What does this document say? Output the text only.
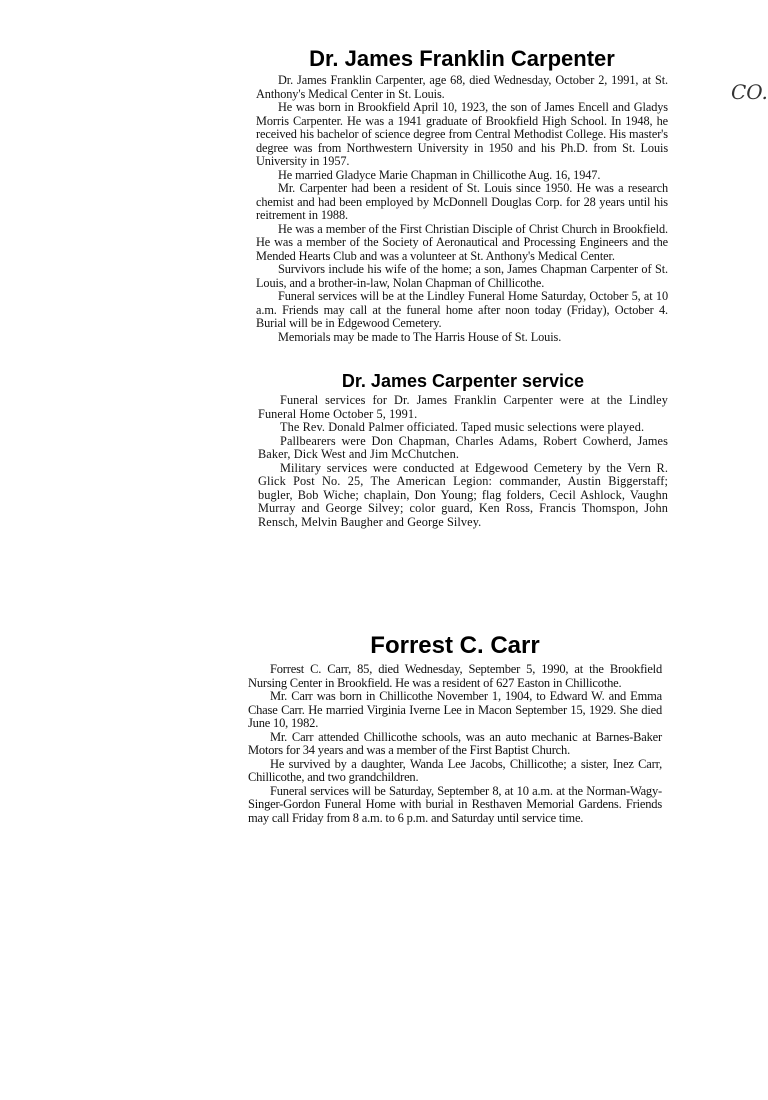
CO.
Dr. James Franklin Carpenter

Dr. James Franklin Carpenter, age 68, died Wednesday, October 2, 1991, at St. Anthony's Medical Center in St. Louis.

He was born in Brookfield April 10, 1923, the son of James Encell and Gladys Morris Carpenter. He was a 1941 graduate of Brookfield High School. In 1948, he received his bachelor of science degree from Central Methodist College. His master's degree was from Northwestern University in 1950 and his Ph.D. from St. Louis University in 1957.

He married Gladyce Marie Chapman in Chillicothe Aug. 16, 1947.

Mr. Carpenter had been a resident of St. Louis since 1950. He was a research chemist and had been employed by McDonnell Douglas Corp. for 28 years until his reitrement in 1988.

He was a member of the First Christian Disciple of Christ Church in Brookfield. He was a member of the Society of Aeronautical and Processing Engineers and the Mended Hearts Club and was a volunteer at St. Anthony's Medical Center.

Survivors include his wife of the home; a son, James Chapman Carpenter of St. Louis, and a brother-in-law, Nolan Chapman of Chillicothe.

Funeral services will be at the Lindley Funeral Home Saturday, October 5, at 10 a.m. Friends may call at the funeral home after noon today (Friday), October 4. Burial will be in Edgewood Cemetery.

Memorials may be made to The Harris House of St. Louis.

Dr. James Carpenter service

Funeral services for Dr. James Franklin Carpenter were at the Lindley Funeral Home October 5, 1991.

The Rev. Donald Palmer officiated. Taped music selections were played.

Pallbearers were Don Chapman, Charles Adams, Robert Cowherd, James Baker, Dick West and Jim McChutchen.

Military services were conducted at Edgewood Cemetery by the Vern R. Glick Post No. 25, The American Legion: commander, Austin Biggerstaff; bugler, Bob Wiche; chaplain, Don Young; flag folders, Cecil Ashlock, Vaughn Murray and George Silvey; color guard, Ken Ross, Francis Thomspon, John Rensch, Melvin Baugher and George Silvey.

Forrest C. Carr

Forrest C. Carr, 85, died Wednesday, September 5, 1990, at the Brookfield Nursing Center in Brookfield. He was a resident of 627 Easton in Chillicothe.

Mr. Carr was born in Chillicothe November 1, 1904, to Edward W. and Emma Chase Carr. He married Virginia Iverne Lee in Macon September 15, 1929. She died June 10, 1982.

Mr. Carr attended Chillicothe schools, was an auto mechanic at Barnes-Baker Motors for 34 years and was a member of the First Baptist Church.

He survived by a daughter, Wanda Lee Jacobs, Chillicothe; a sister, Inez Carr, Chillicothe, and two grandchildren.

Funeral services will be Saturday, September 8, at 10 a.m. at the Norman-Wagy-Singer-Gordon Funeral Home with burial in Resthaven Memorial Gardens. Friends may call Friday from 8 a.m. to 6 p.m. and Saturday until service time.
